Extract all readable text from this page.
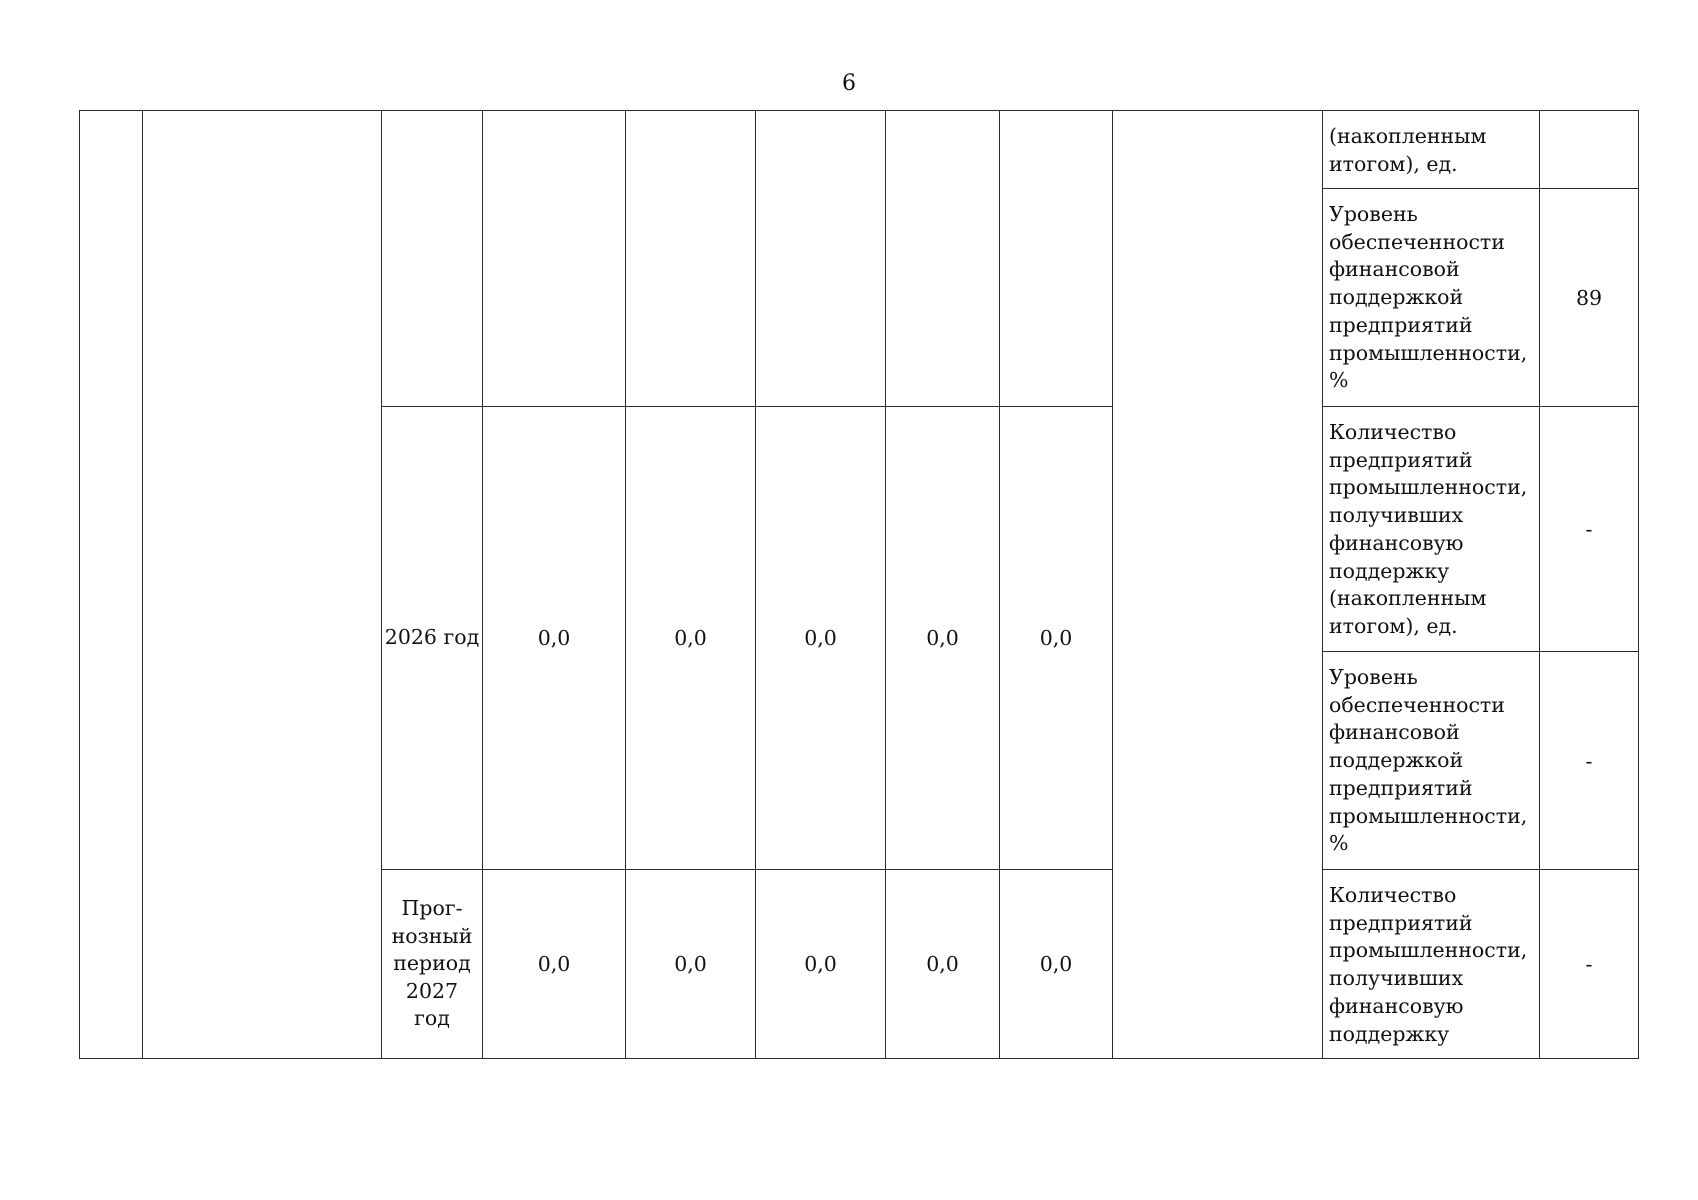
6
									(накопленным итогом), ед.	
									Уровень обеспеченности финансовой поддержкой предприятий промышленности, %	89
		2026 год	0,0	0,0	0,0	0,0	0,0		Количество предприятий промышленности, получивших финансовую поддержку (накопленным итогом), ед.	-
									Уровень обеспеченности финансовой поддержкой предприятий промышленности, %	-
		Прог-нозный период 2027 год	0,0	0,0	0,0	0,0	0,0		Количество предприятий промышленности, получивших финансовую поддержку	-
